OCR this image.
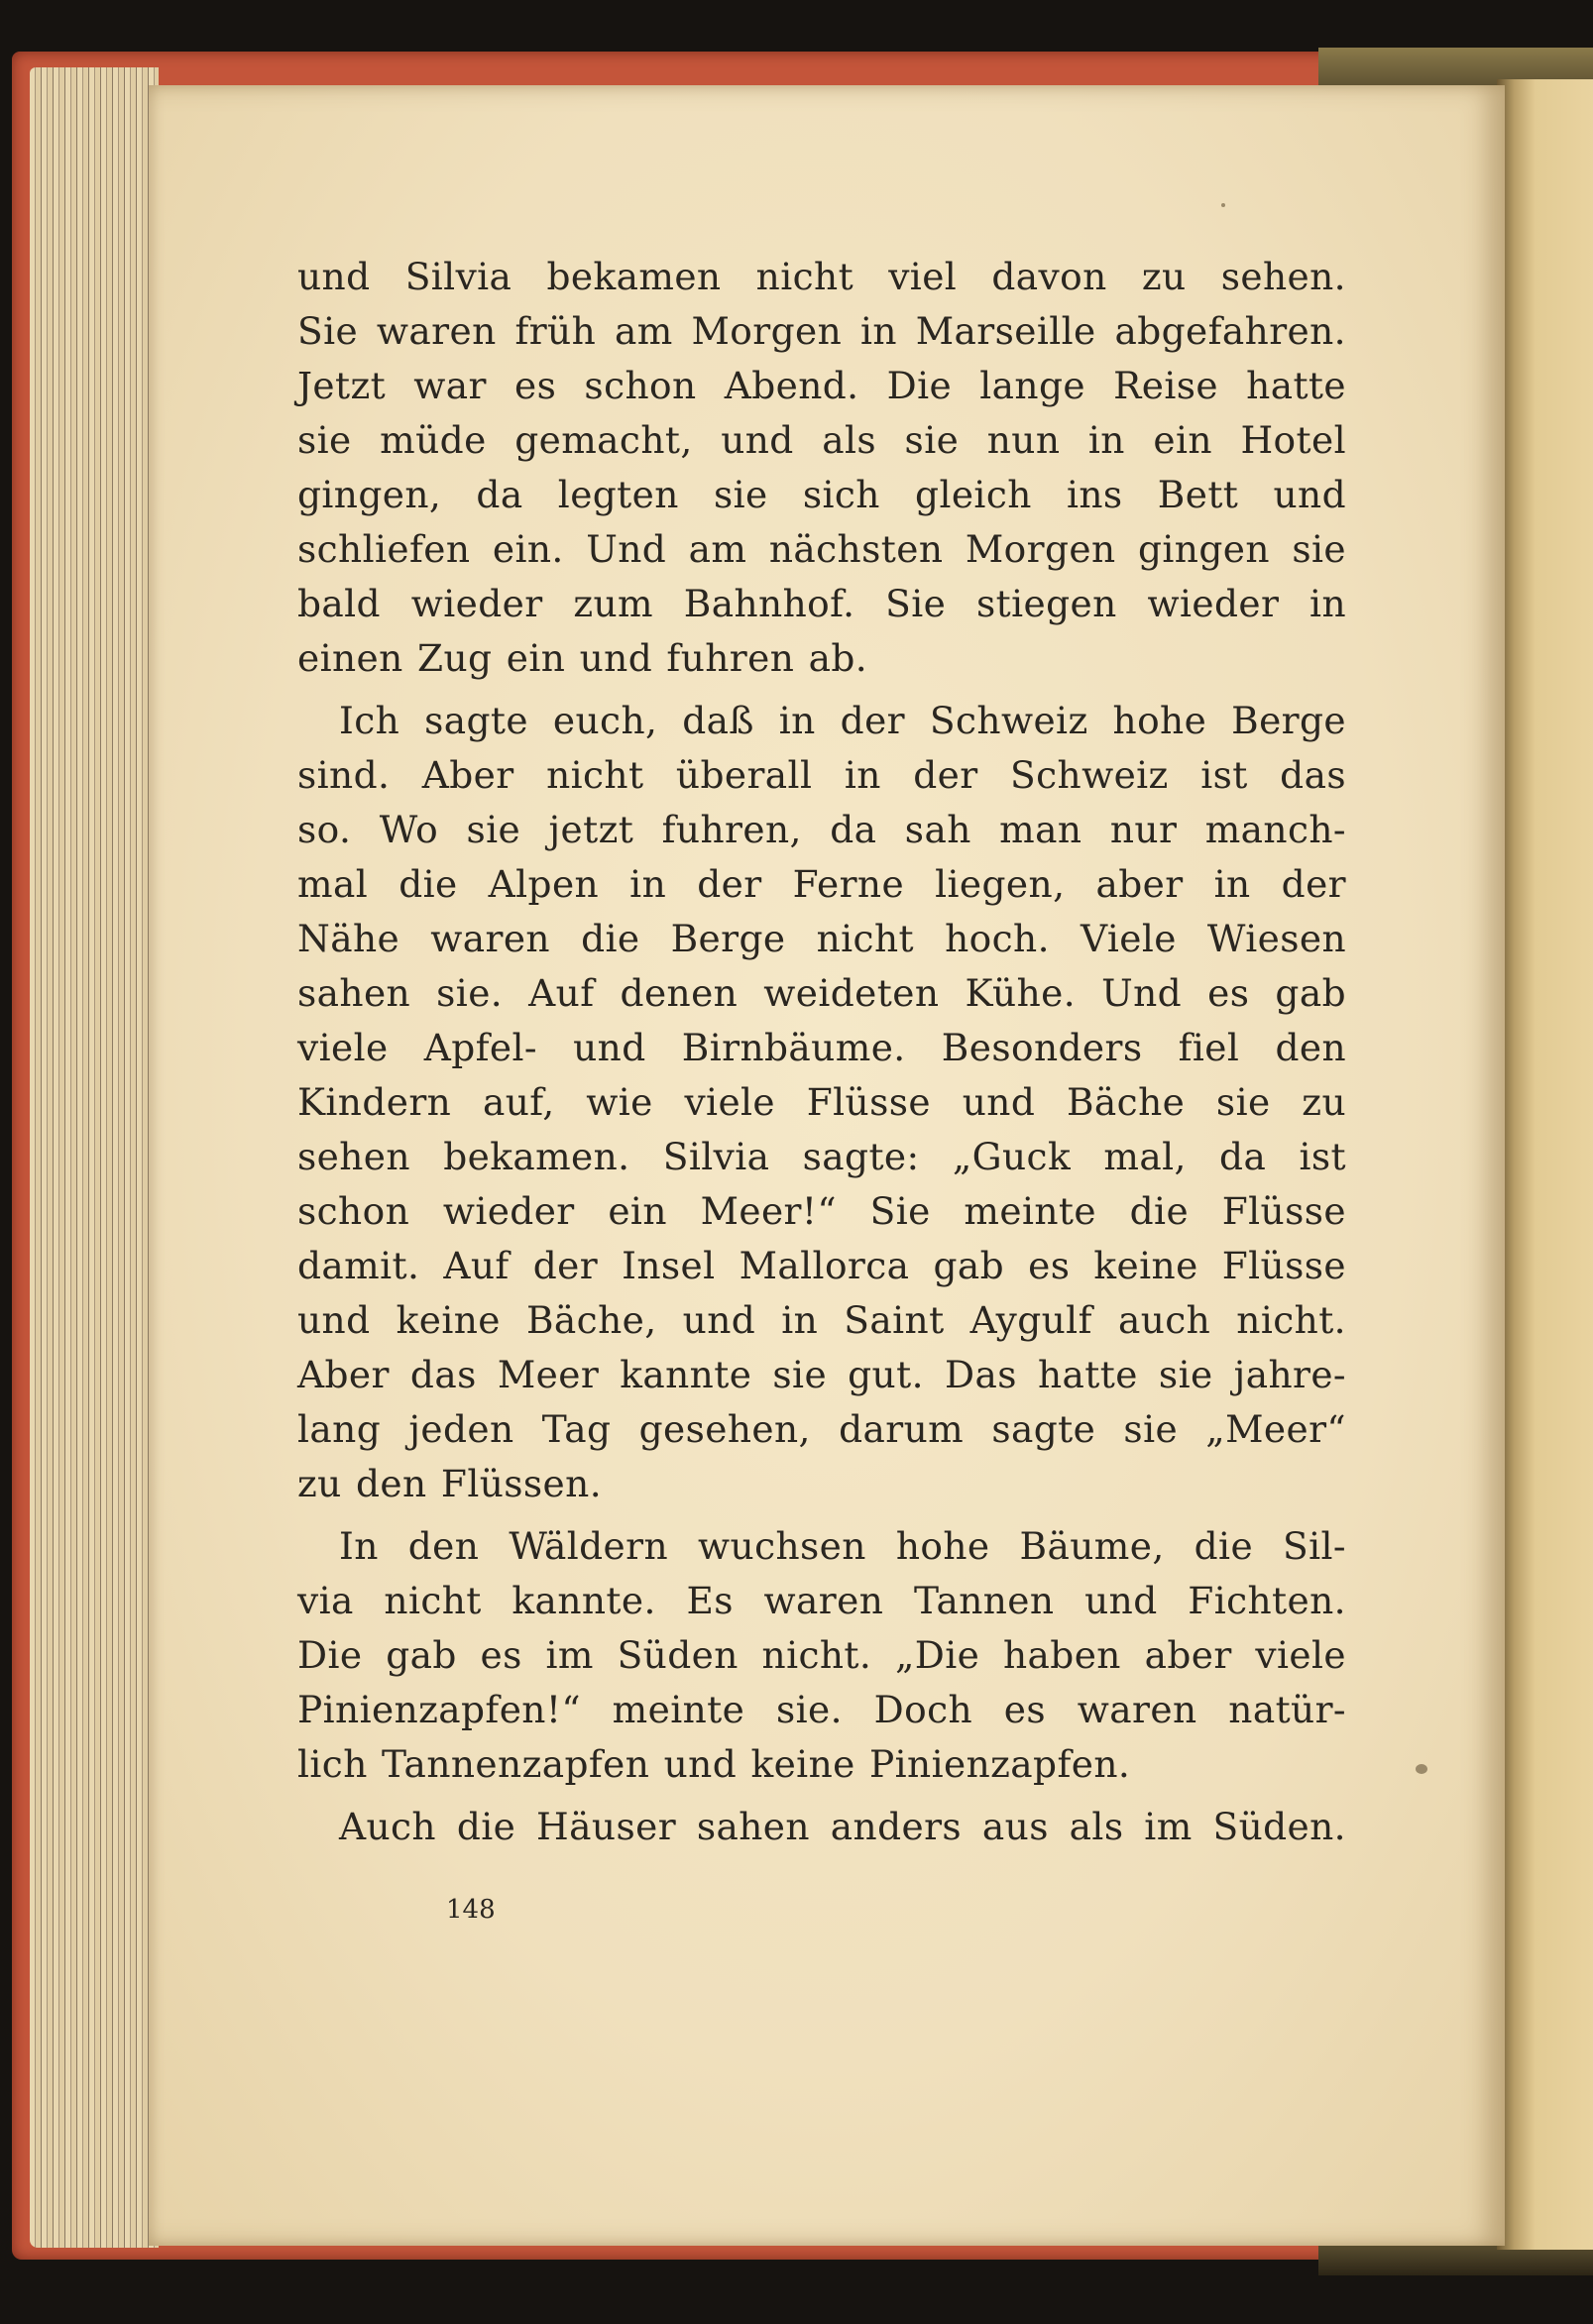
und Silvia bekamen nicht viel davon zu sehen.
Sie waren früh am Morgen in Marseille abgefahren.
Jetzt war es schon Abend. Die lange Reise hatte
sie müde gemacht, und als sie nun in ein Hotel
gingen, da legten sie sich gleich ins Bett und
schliefen ein. Und am nächsten Morgen gingen sie
bald wieder zum Bahnhof. Sie stiegen wieder in
einen Zug ein und fuhren ab.
Ich sagte euch, daß in der Schweiz hohe Berge
sind. Aber nicht überall in der Schweiz ist das
so. Wo sie jetzt fuhren, da sah man nur manch-
mal die Alpen in der Ferne liegen, aber in der
Nähe waren die Berge nicht hoch. Viele Wiesen
sahen sie. Auf denen weideten Kühe. Und es gab
viele Apfel- und Birnbäume. Besonders fiel den
Kindern auf, wie viele Flüsse und Bäche sie zu
sehen bekamen. Silvia sagte: „Guck mal, da ist
schon wieder ein Meer!“ Sie meinte die Flüsse
damit. Auf der Insel Mallorca gab es keine Flüsse
und keine Bäche, und in Saint Aygulf auch nicht.
Aber das Meer kannte sie gut. Das hatte sie jahre-
lang jeden Tag gesehen, darum sagte sie „Meer“
zu den Flüssen.
In den Wäldern wuchsen hohe Bäume, die Sil-
via nicht kannte. Es waren Tannen und Fichten.
Die gab es im Süden nicht. „Die haben aber viele
Pinienzapfen!“ meinte sie. Doch es waren natür-
lich Tannenzapfen und keine Pinienzapfen.
Auch die Häuser sahen anders aus als im Süden.
148
